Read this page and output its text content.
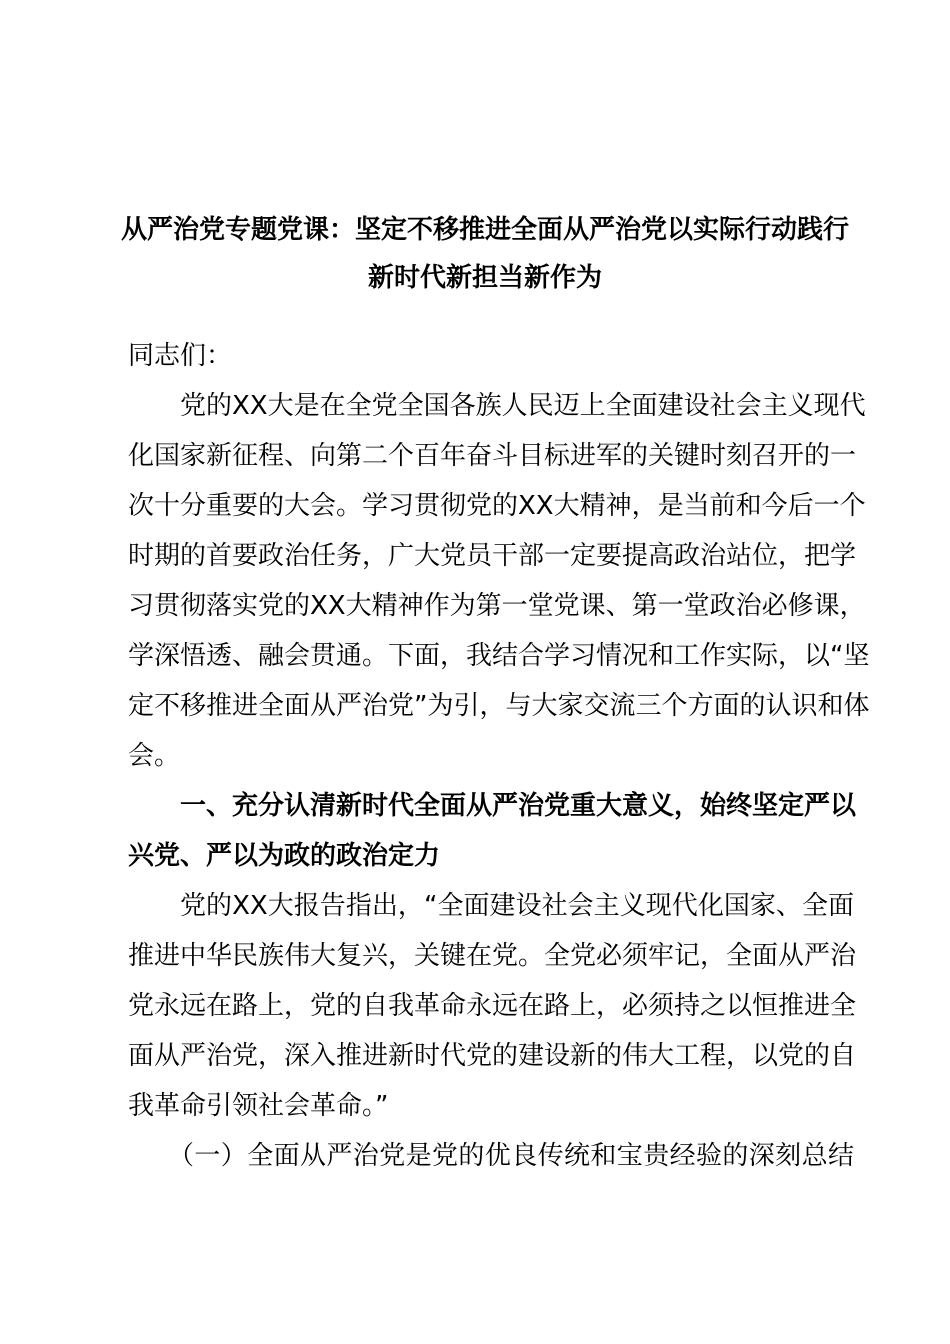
从严治党专题党课：坚定不移推进全面从严治党以实际行动践行
新时代新担当新作为
同志们：
党的XX大是在全党全国各族人民迈上全面建设社会主义现代
化国家新征程、向第二个百年奋斗目标进军的关键时刻召开的一
次十分重要的大会。学习贯彻党的XX大精神，是当前和今后一个
时期的首要政治任务，广大党员干部一定要提高政治站位，把学
习贯彻落实党的XX大精神作为第一堂党课、第一堂政治必修课，
学深悟透、融会贯通。下面，我结合学习情况和工作实际，以“坚
定不移推进全面从严治党”为引，与大家交流三个方面的认识和体
会。
一、充分认清新时代全面从严治党重大意义，始终坚定严以
兴党、严以为政的政治定力
党的XX大报告指出，“全面建设社会主义现代化国家、全面
推进中华民族伟大复兴，关键在党。全党必须牢记，全面从严治
党永远在路上，党的自我革命永远在路上，必须持之以恒推进全
面从严治党，深入推进新时代党的建设新的伟大工程，以党的自
我革命引领社会革命。”
（一）全面从严治党是党的优良传统和宝贵经验的深刻总结
